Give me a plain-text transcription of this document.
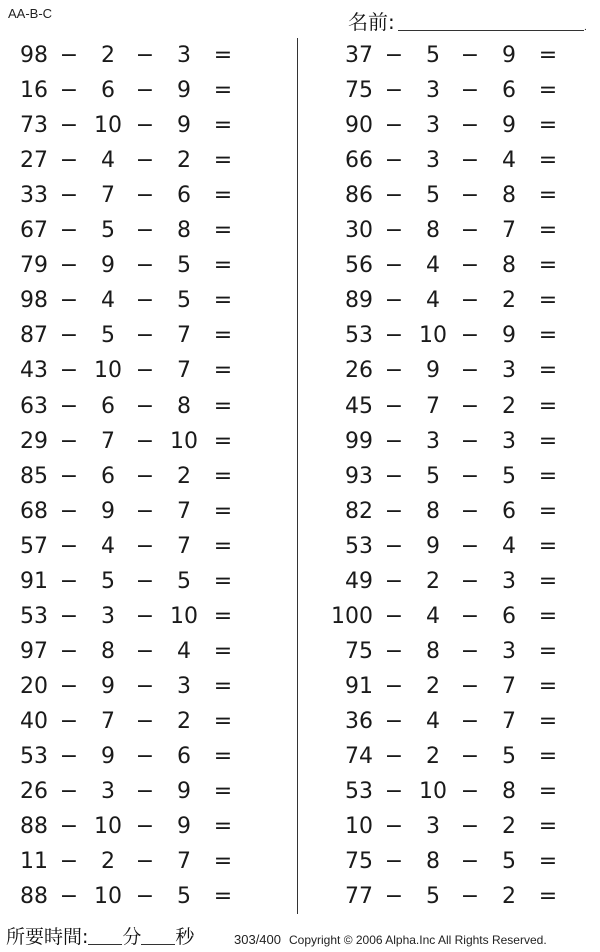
AA-B-C	名前:	.
98 −	2 −	3	=
16 −	6 −	9	=
73 − 10 −	9	=
27 −	4 −	2	=
33 −	7 −	6	=
67 −	5 −	8	=
79 −	9 −	5	=
98 −	4 −	5	=
87 −	5 −	7	=
43 − 10 −	7	=
63 −	6 −	8	=
29 −	7 − 10 =
85 −	6 −	2	=
68 −	9 −	7	=
57 −	4 −	7	=
91 −	5 −	5	=
53 −	3 − 10 =
97 −	8 −	4	=
20 −	9 −	3	=
40 −	7 −	2	=
53 −	9 −	6	=
26 −	3 −	9	=
88 − 10 −	9	=
11 −	2 −	7	=
88 − 10 −	5	=
37 −	5 −	9	=
75 −	3 −	6	=
90 −	3 −	9	=
66 −	3 −	4	=
86 −	5 −	8	=
30 −	8 −	7	=
56 −	4 −	8	=
89 −	4 −	2	=
53 − 10 −	9	=
26 −	9 −	3	=
45 −	7 −	2	=
99 −	3 −	3	=
93 −	5 −	5	=
82 −	8 −	6	=
53 −	9 −	4	=
49 −	2 −	3	=
100 −	4 −	6	=
75 −	8 −	3	=
91 −	2 −	7	=
36 −	4 −	7	=
74 −	2 −	5	=
53 − 10 −	8	=
10 −	3 −	2	=
75 −	8 −	5	=
77 −	5 −	2	=
所要時間: 分 秒	303/400 Copyright © 2006 Alpha.Inc All Rights Reserved.
